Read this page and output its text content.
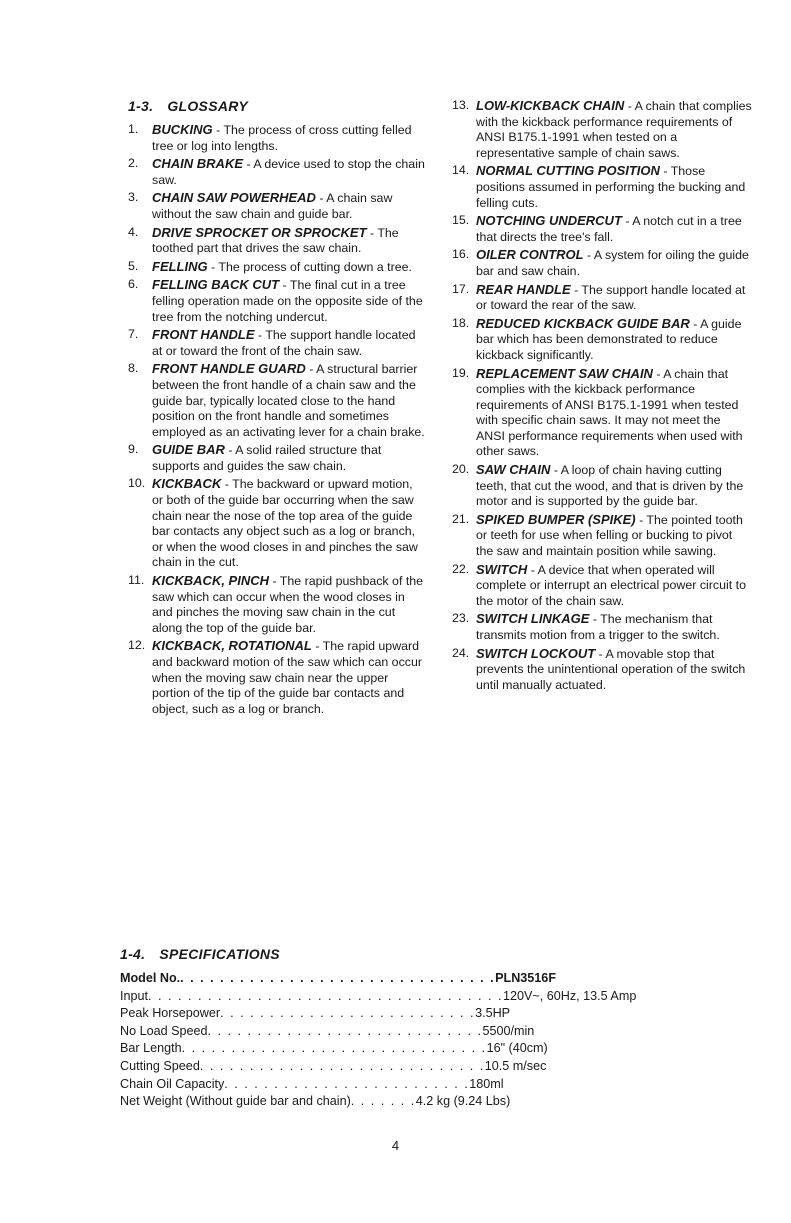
1-3. GLOSSARY
1. BUCKING - The process of cross cutting felled tree or log into lengths.
2. CHAIN BRAKE - A device used to stop the chain saw.
3. CHAIN SAW POWERHEAD - A chain saw without the saw chain and guide bar.
4. DRIVE SPROCKET OR SPROCKET - The toothed part that drives the saw chain.
5. FELLING - The process of cutting down a tree.
6. FELLING BACK CUT - The final cut in a tree felling operation made on the opposite side of the tree from the notching undercut.
7. FRONT HANDLE - The support handle located at or toward the front of the chain saw.
8. FRONT HANDLE GUARD - A structural barrier between the front handle of a chain saw and the guide bar, typically located close to the hand position on the front handle and sometimes employed as an activating lever for a chain brake.
9. GUIDE BAR - A solid railed structure that supports and guides the saw chain.
10. KICKBACK - The backward or upward motion, or both of the guide bar occurring when the saw chain near the nose of the top area of the guide bar contacts any object such as a log or branch, or when the wood closes in and pinches the saw chain in the cut.
11. KICKBACK, PINCH - The rapid pushback of the saw which can occur when the wood closes in and pinches the moving saw chain in the cut along the top of the guide bar.
12. KICKBACK, ROTATIONAL - The rapid upward and backward motion of the saw which can occur when the moving saw chain near the upper portion of the tip of the guide bar contacts and object, such as a log or branch.
13. LOW-KICKBACK CHAIN - A chain that complies with the kickback performance requirements of ANSI B175.1-1991 when tested on a representative sample of chain saws.
14. NORMAL CUTTING POSITION - Those positions assumed in performing the bucking and felling cuts.
15. NOTCHING UNDERCUT - A notch cut in a tree that directs the tree's fall.
16. OILER CONTROL - A system for oiling the guide bar and saw chain.
17. REAR HANDLE - The support handle located at or toward the rear of the saw.
18. REDUCED KICKBACK GUIDE BAR - A guide bar which has been demonstrated to reduce kickback significantly.
19. REPLACEMENT SAW CHAIN - A chain that complies with the kickback performance requirements of ANSI B175.1-1991 when tested with specific chain saws. It may not meet the ANSI performance requirements when used with other saws.
20. SAW CHAIN - A loop of chain having cutting teeth, that cut the wood, and that is driven by the motor and is supported by the guide bar.
21. SPIKED BUMPER (SPIKE) - The pointed tooth or teeth for use when felling or bucking to pivot the saw and maintain position while sawing.
22. SWITCH - A device that when operated will complete or interrupt an electrical power circuit to the motor of the chain saw.
23. SWITCH LINKAGE - The mechanism that transmits motion from a trigger to the switch.
24. SWITCH LOCKOUT - A movable stop that prevents the unintentional operation of the switch until manually actuated.
1-4. SPECIFICATIONS
Model No. . . . . . . . . . . . . . . . . . . . . . . . . . . . . . . . . PLN3516F
Input . . . . . . . . . . . . . . . . . . . . . . . . . . . . . . . . . . . . 120V~, 60Hz, 13.5 Amp
Peak Horsepower . . . . . . . . . . . . . . . . . . . . . . . . . . 3.5HP
No Load Speed . . . . . . . . . . . . . . . . . . . . . . . . . . . . 5500/min
Bar Length . . . . . . . . . . . . . . . . . . . . . . . . . . . . . . . 16" (40cm)
Cutting Speed . . . . . . . . . . . . . . . . . . . . . . . . . . . . . 10.5 m/sec
Chain Oil Capacity . . . . . . . . . . . . . . . . . . . . . . . . . 180ml
Net Weight (Without guide bar and chain) . . . . . . . 4.2 kg (9.24 Lbs)
4
